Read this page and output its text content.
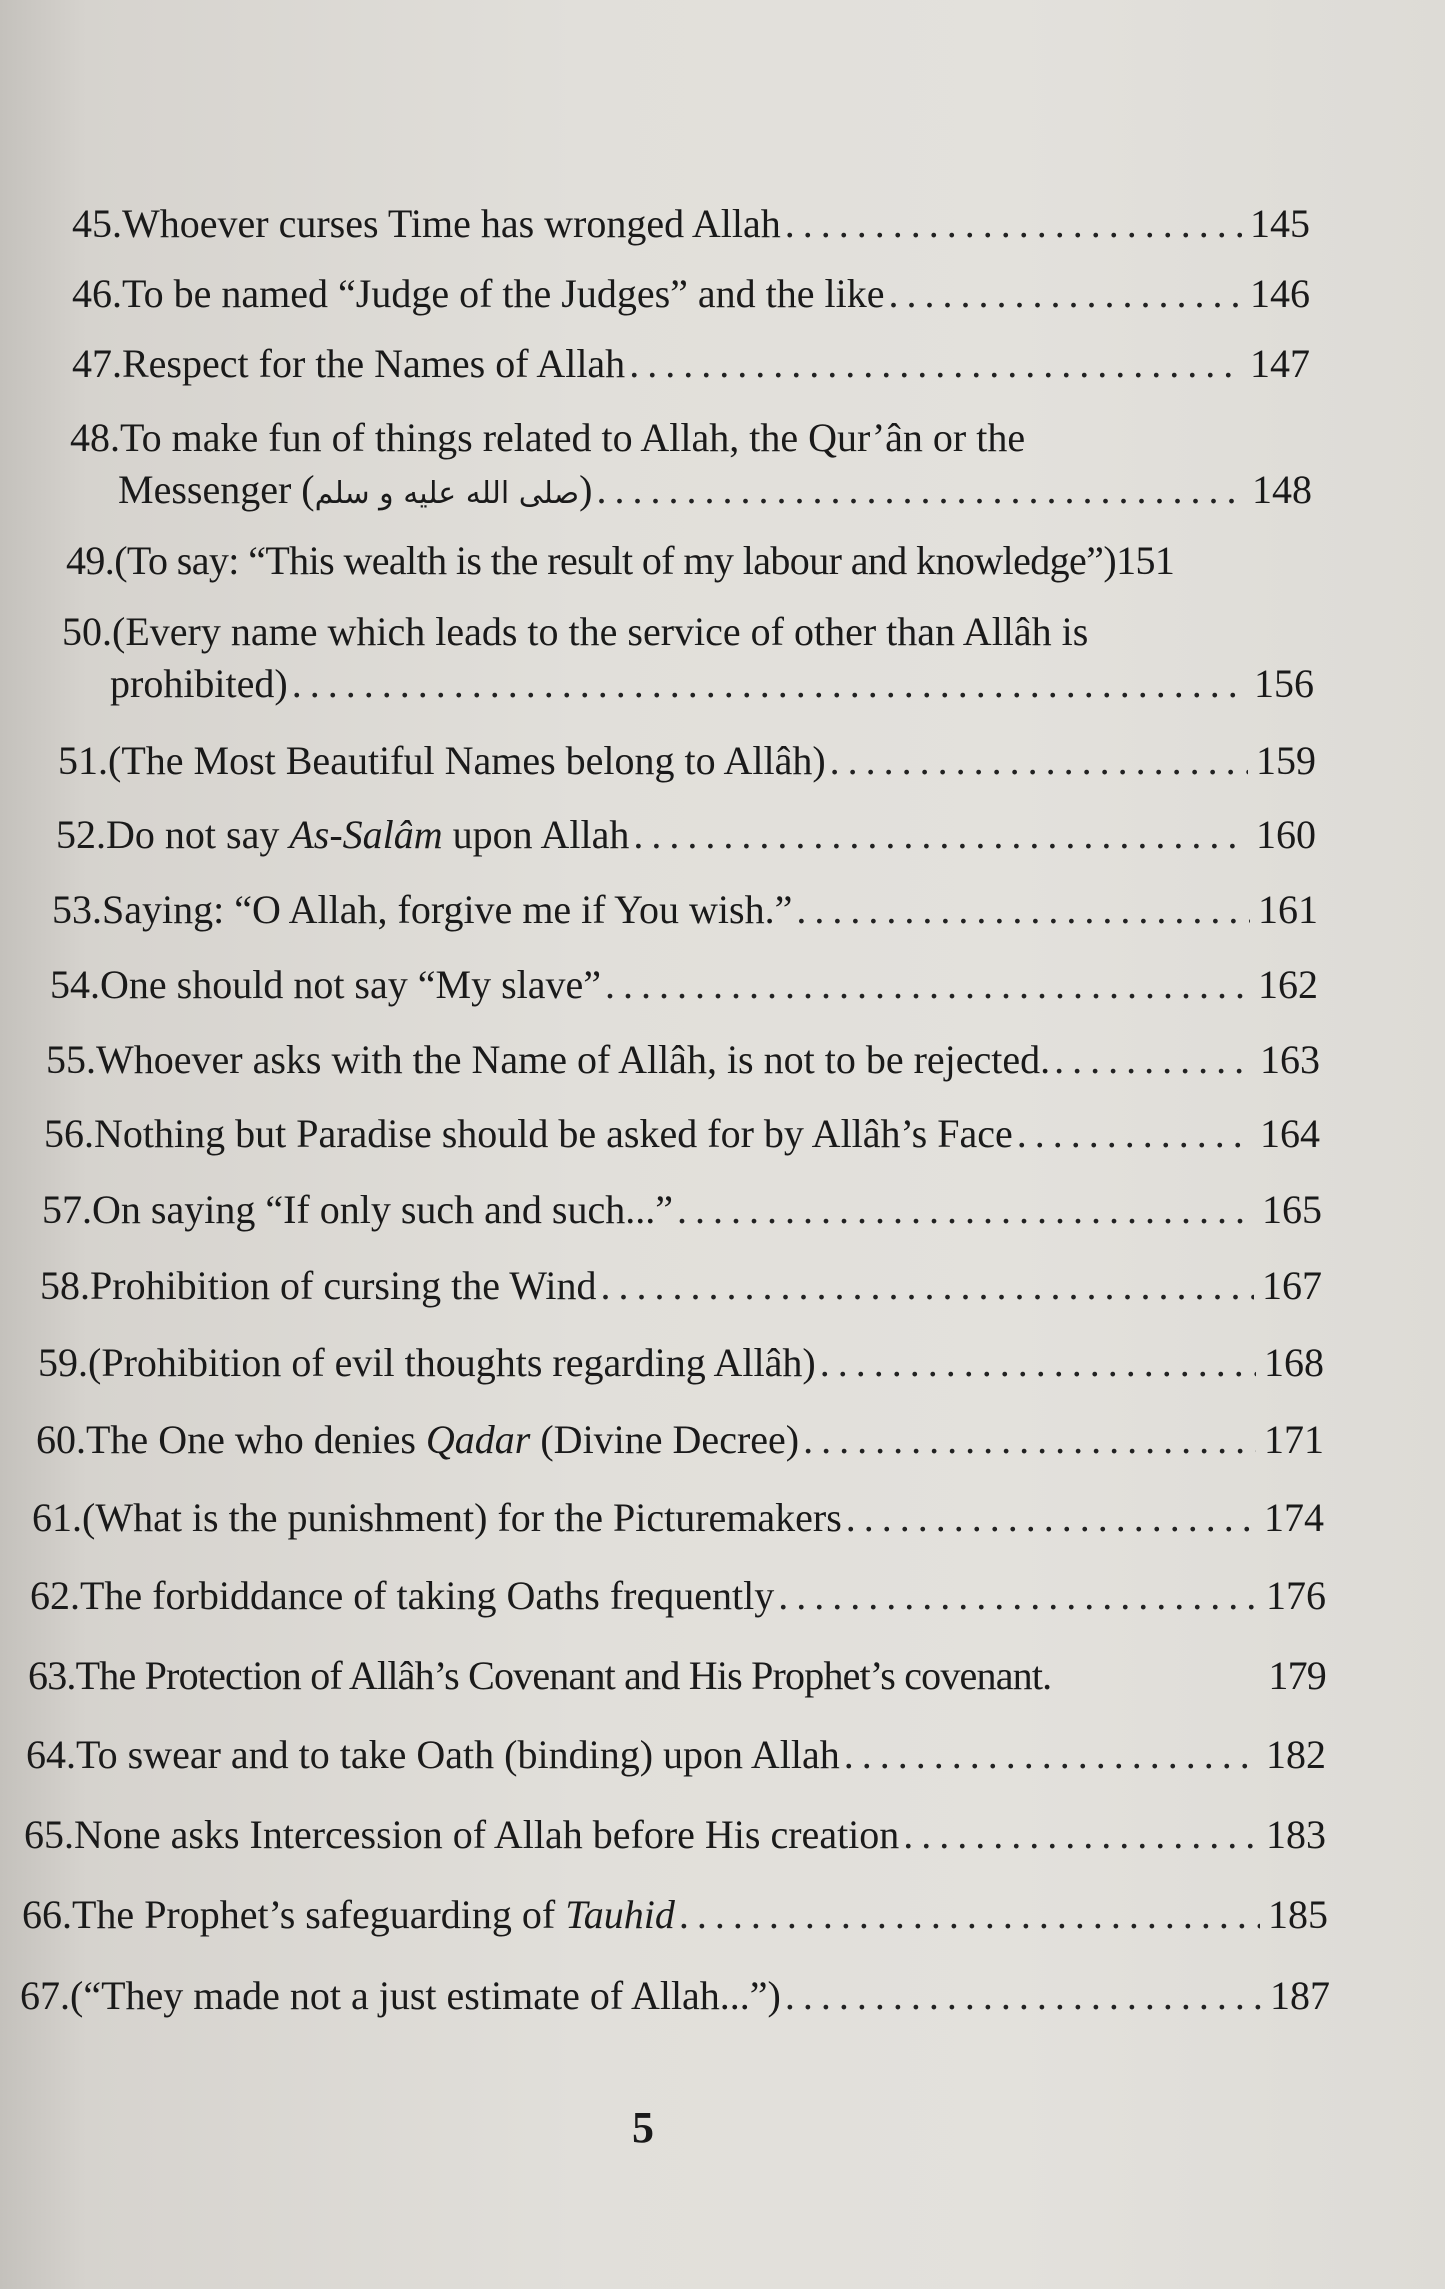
45. Whoever curses Time has wronged Allah . . .	145
46. To be named “Judge of the Judges” and the like . . .	146
47. Respect for the Names of Allah . . .	147
48.To make fun of things related to Allah, the Qur’ân or the
Messenger (صلى الله عليه و سلم) . . .	148
49. (To say: “This wealth is the result of my labour and knowledge”) 151
50.(Every name which leads to the service of other than Allâh is
prohibited) . . .	156
51. (The Most Beautiful Names belong to Allâh) . . .	159
52. Do not say As-Salâm upon Allah . . .	160
53. Saying: “O Allah, forgive me if You wish.” . . .	161
54. One should not say “My slave” . . .	162
55. Whoever asks with the Name of Allâh, is not to be rejected. . . .	163
56. Nothing but Paradise should be asked for by Allâh’s Face . . .	164
57. On saying “If only such and such...” . . .	165
58. Prohibition of cursing the Wind . . .	167
59. (Prohibition of evil thoughts regarding Allâh) . . .	168
60. The One who denies Qadar (Divine Decree) . . .	171
61. (What is the punishment) for the Picturemakers . . .	174
62. The forbiddance of taking Oaths frequently . . .	176
63. The Protection of Allâh’s Covenant and His Prophet’s covenant.	179
64. To swear and to take Oath (binding) upon Allah . . .	182
65. None asks Intercession of Allah before His creation . . .	183
66. The Prophet’s safeguarding of Tauhid . . .	185
67. (“They made not a just estimate of Allah...”) . . .	187
5
